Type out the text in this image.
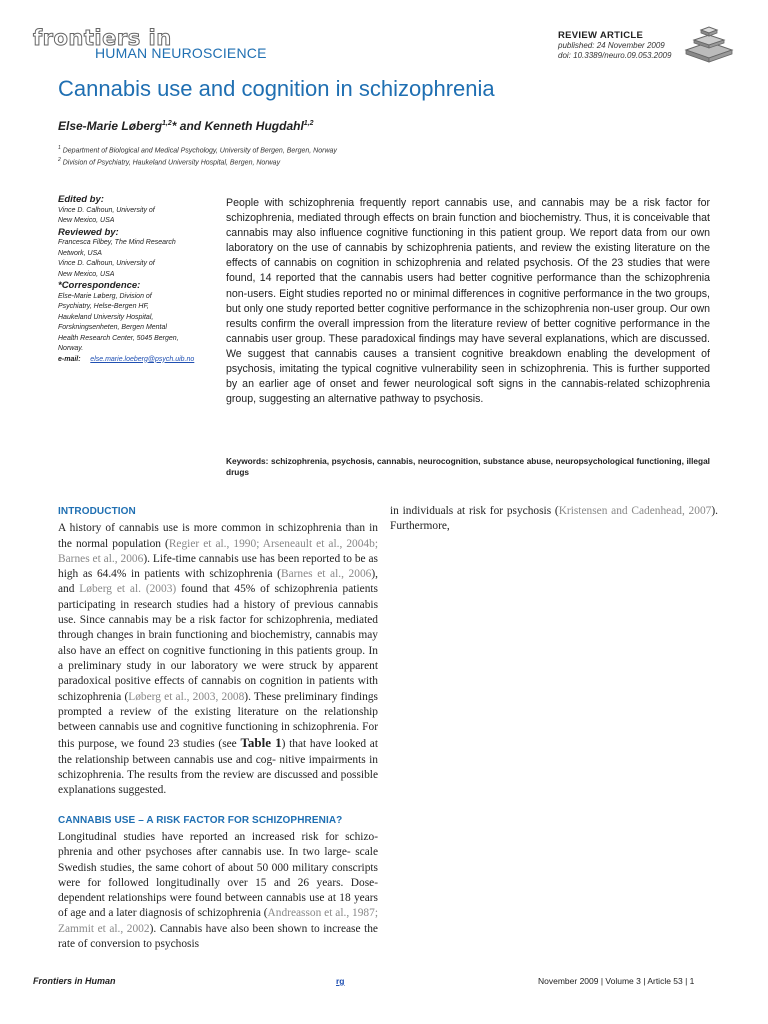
frontiers in
HUMAN NEUROSCIENCE
REVIEW ARTICLE
published: 24 November 2009
doi: 10.3389/neuro.09.053.2009
Cannabis use and cognition in schizophrenia
Else-Marie Løberg$^{1,2}$* and Kenneth Hugdahl$^{1,2}$
$^1$ Department of Biological and Medical Psychology, University of Bergen, Bergen, Norway
$^2$ Division of Psychiatry, Haukeland University Hospital, Bergen, Norway
Edited by:
Vince D. Calhoun, University of
New Mexico, USA
Reviewed by:
Francesca Filbey, The Mind Research
Network, USA
Vince D. Calhoun, University of
New Mexico, USA
*Correspondence:
Else-Marie Løberg, Division of
Psychiatry, Helse-Bergen HF,
Haukeland University Hospital,
Forskningsenheten, Bergen Mental
Health Research Center, 5045 Bergen,
Norway.
e-mail: else.marie.loeberg@psych.uib.no
People with schizophrenia frequently report cannabis use, and cannabis may be a risk factor for schizophrenia, mediated through effects on brain function and biochemistry. Thus, it is conceivable that cannabis may also influence cognitive functioning in this patient group. We report data from our own laboratory on the use of cannabis by schizophrenia patients, and review the existing literature on the effects of cannabis on cognition in schizophrenia and related psychosis. Of the 23 studies that were found, 14 reported that the cannabis users had better cognitive performance than the schizophrenia non-users. Eight studies reported no or minimal differences in cognitive performance in the two groups, but only one study reported better cognitive performance in the schizophrenia non-user group. Our own results confirm the overall impression from the literature review of better cognitive performance in the cannabis user group. These paradoxical findings may have several explanations, which are discussed. We suggest that cannabis causes a transient cognitive breakdown enabling the development of psychosis, imitating the typical cognitive vulnerability seen in schizophrenia. This is further supported by an earlier age of onset and fewer neurological soft signs in the cannabis-related schizophrenia group, suggesting an alternative pathway to psychosis.
Keywords: schizophrenia, psychosis, cannabis, neurocognition, substance abuse, neuropsychological functioning, illegal drugs
INTRODUCTION

A history of cannabis use is more common in schizophrenia than in the normal population (Regier et al., 1990; Arseneault et al., 2004b; Barnes et al., 2006). Life-time cannabis use has been reported to be as high as 64.4% in patients with schizophrenia (Barnes et al., 2006), and Løberg et al. (2003) found that 45% of schizophrenia patients participating in research studies had a history of previous cannabis use. Since cannabis may be a risk factor for schizophrenia, mediated through changes in brain functioning and biochemistry, cannabis may also have an effect on cognitive functioning in this patients group. In a preliminary study in our laboratory we were struck by apparent paradoxical positive effects of cannabis on cognition in patients with schizophrenia (Løberg et al., 2003, 2008). These preliminary findings prompted a review of the existing literature on the relationship between cannabis use and cognitive functioning in schizophrenia. For this purpose, we found 23 studies (see Table 1) that have looked at the relationship between cannabis use and cog- nitive impairments in schizophrenia. The results from the review are discussed and possible explanations suggested.

CANNABIS USE – A RISK FACTOR FOR SCHIZOPHRENIA?

Longitudinal studies have reported an increased risk for schizo- phrenia and other psychoses after cannabis use. In two large- scale Swedish studies, the same cohort of about 50 000 military conscripts were for followed longitudinally over 15 and 26 years. Dose-dependent relationships were found between cannabis use at 18 years of age and a later diagnosis of schizophrenia (Andreasson et al., 1987; Zammit et al., 2002). Cannabis have also been shown to increase the rate of conversion to psychosis

in individuals at risk for psychosis (Kristensen and Cadenhead, 2007). Furthermore,

Frontiers in Human	rg	November 2009 | Volume 3 | Article 53 | 1
